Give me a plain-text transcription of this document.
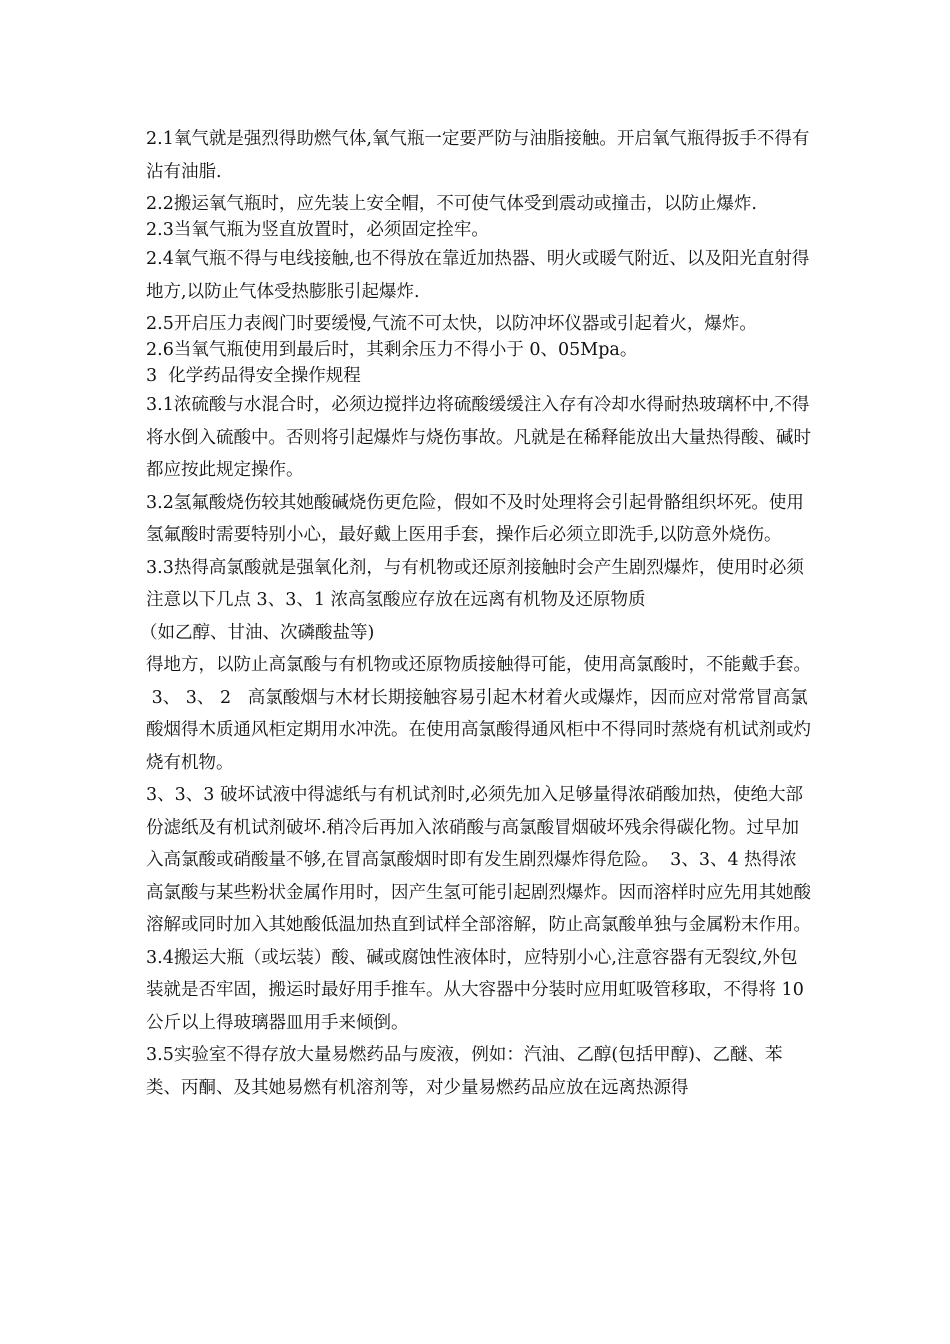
2.1氧气就是强烈得助燃气体,氧气瓶一定要严防与油脂接触。开启氧气瓶得扳手不得有沾有油脂.

2.2搬运氧气瓶时，应先装上安全帽，不可使气体受到震动或撞击，以防止爆炸.

2.3当氧气瓶为竖直放置时，必须固定拴牢。

2.4氧气瓶不得与电线接触,也不得放在靠近加热器、明火或暖气附近、以及阳光直射得地方,以防止气体受热膨胀引起爆炸.

2.5开启压力表阀门时要缓慢,气流不可太快，以防冲坏仪器或引起着火，爆炸。

2.6当氧气瓶使用到最后时，其剩余压力不得小于 0、05Mpa。

3  化学药品得安全操作规程

3.1浓硫酸与水混合时，必须边搅拌边将硫酸缓缓注入存有冷却水得耐热玻璃杯中,不得将水倒入硫酸中。否则将引起爆炸与烧伤事故。凡就是在稀释能放出大量热得酸、碱时都应按此规定操作。

3.2氢氟酸烧伤较其她酸碱烧伤更危险，假如不及时处理将会引起骨骼组织坏死。使用氢氟酸时需要特别小心，最好戴上医用手套，操作后必须立即洗手,以防意外烧伤。

3.3热得高氯酸就是强氧化剂，与有机物或还原剂接触时会产生剧烈爆炸，使用时必须注意以下几点 3、3、1 浓高氢酸应存放在远离有机物及还原物质

（如乙醇、甘油、次磷酸盐等)

得地方，以防止高氯酸与有机物或还原物质接触得可能，使用高氯酸时，不能戴手套。

3、 3、 2   高氯酸烟与木材长期接触容易引起木材着火或爆炸，因而应对常常冒高氯酸烟得木质通风柜定期用水冲洗。在使用高氯酸得通风柜中不得同时蒸烧有机试剂或灼烧有机物。

3、3、3 破坏试液中得滤纸与有机试剂时,必须先加入足够量得浓硝酸加热，使绝大部份滤纸及有机试剂破坏.稍冷后再加入浓硝酸与高氯酸冒烟破坏残余得碳化物。过早加入高氯酸或硝酸量不够,在冒高氯酸烟时即有发生剧烈爆炸得危险。  3、3、4 热得浓高氯酸与某些粉状金属作用时，因产生氢可能引起剧烈爆炸。因而溶样时应先用其她酸溶解或同时加入其她酸低温加热直到试样全部溶解，防止高氯酸单独与金属粉末作用。

3.4搬运大瓶（或坛装）酸、碱或腐蚀性液体时，应特别小心,注意容器有无裂纹,外包装就是否牢固，搬运时最好用手推车。从大容器中分装时应用虹吸管移取，不得将 10 公斤以上得玻璃器皿用手来倾倒。

3.5实验室不得存放大量易燃药品与废液，例如：汽油、乙醇(包括甲醇)、乙醚、苯类、丙酮、及其她易燃有机溶剂等，对少量易燃药品应放在远离热源得
